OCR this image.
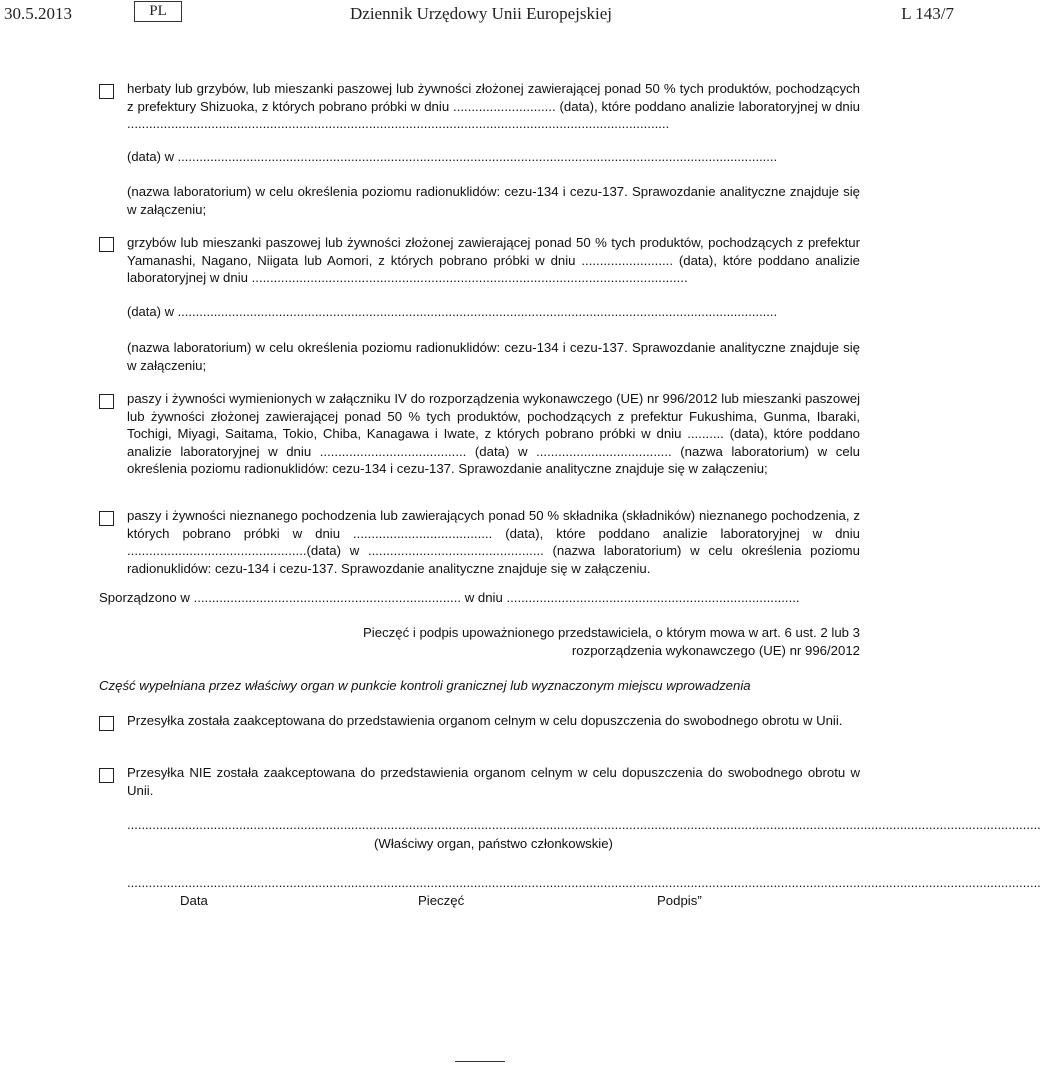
30.5.2013	PL	Dziennik Urzędowy Unii Europejskiej	L 143/7

herbaty lub grzybów, lub mieszanki paszowej lub żywności złożonej zawierającej ponad 50 % tych produktów, pochodzących z prefektury Shizuoka, z których pobrano próbki w dniu ............................ (data), które poddano analizie laboratoryjnej w dniu ....................................................................................................................................................

(data) w ......................................................................................................................................................................
(nazwa laboratorium) w celu określenia poziomu radionuklidów: cezu-134 i cezu-137. Sprawozdanie analityczne znajduje się w załączeniu;

grzybów lub mieszanki paszowej lub żywności złożonej zawierającej ponad 50 % tych produktów, pochodzących z prefektur Yamanashi, Nagano, Niigata lub Aomori, z których pobrano próbki w dniu ......................... (data), które poddano analizie laboratoryjnej w dniu .......................................................................................................................

(data) w ......................................................................................................................................................................
(nazwa laboratorium) w celu określenia poziomu radionuklidów: cezu-134 i cezu-137. Sprawozdanie analityczne znajduje się w załączeniu;
paszy i żywności wymienionych w załączniku IV do rozporządzenia wykonawczego (UE) nr 996/2012 lub mieszanki paszowej lub żywności złożonej zawierającej ponad 50 % tych produktów, pochodzących z prefektur Fukushima, Gunma, Ibaraki, Tochigi, Miyagi, Saitama, Tokio, Chiba, Kanagawa i Iwate, z których pobrano próbki w dniu .......... (data), które poddano analizie laboratoryjnej w dniu ........................................ (data) w ..................................... (nazwa laboratorium) w celu określenia poziomu radionuklidów: cezu-134 i cezu-137. Sprawozdanie analityczne znajduje się w załączeniu;
paszy i żywności nieznanego pochodzenia lub zawierających ponad 50 % składnika (składników) nieznanego pochodzenia, z których pobrano próbki w dniu ...................................... (data), które poddano analizie laboratoryjnej w dniu .................................................(data) w ................................................ (nazwa laboratorium) w celu określenia poziomu radionuklidów: cezu-134 i cezu-137. Sprawozdanie analityczne znajduje się w załączeniu.
Sporządzono w ......................................................................... w dniu ................................................................................
Pieczęć i podpis upoważnionego przedstawiciela, o którym mowa w art. 6 ust. 2 lub 3
rozporządzenia wykonawczego (UE) nr 996/2012
Część wypełniana przez właściwy organ w punkcie kontroli granicznej lub wyznaczonym miejscu wprowadzenia
Przesyłka została zaakceptowana do przedstawienia organom celnym w celu dopuszczenia do swobodnego obrotu w Unii.
Przesyłka NIE została zaakceptowana do przedstawienia organom celnym w celu dopuszczenia do swobodnego obrotu w Unii.
.............................................................................................................................................................................................................................................................
(Właściwy organ, państwo członkowskie)
.............................................................................................................................................................................................................................................................
Data	Pieczęć	Podpis”
